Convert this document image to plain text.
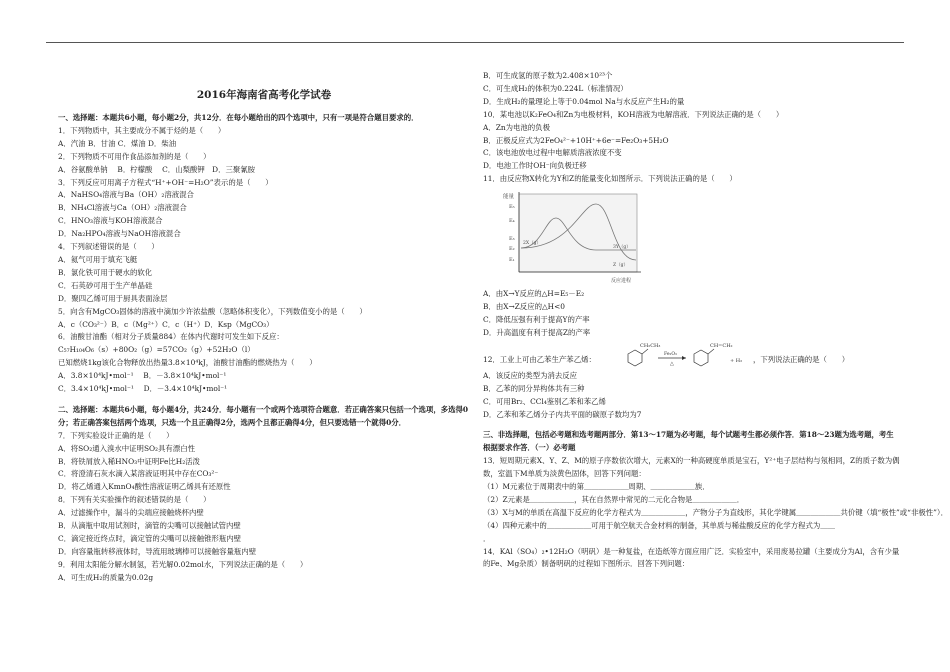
2016年海南省高考化学试卷
一、选择题：本题共6小题，每小题2分，共12分．在每小题给出的四个选项中，只有一项是符合题目要求的．
1．下列物质中，其主要成分不属于烃的是（　　）
A．汽油 B．甘油 C．煤油 D．柴油
2．下列物质不可用作食品添加剂的是（　　）
A．谷氨酸单钠　 B．柠檬酸　 C．山梨酸钾　D．三聚氰胺
3．下列反应可用离子方程式“H⁺+OH⁻=H₂O”表示的是（　　）
A．NaHSO₄溶液与Ba（OH）₂溶液混合
B．NH₄Cl溶液与Ca（OH）₂溶液混合
C．HNO₃溶液与KOH溶液混合
D．Na₂HPO₄溶液与NaOH溶液混合
4．下列叙述错误的是（　　）
A．氦气可用于填充飞艇
B．氯化铁可用于硬水的软化
C．石英砂可用于生产单晶硅
D．聚四乙烯可用于厨具表面涂层
5．向含有MgCO₃固体的溶液中滴加少许浓盐酸（忽略体积变化），下列数值变小的是（　　）
A．c（CO₃²⁻）B．c（Mg²⁺）C．c（H⁺）D．Ksp（MgCO₃）
6．油酸甘油酯（相对分子质量884）在体内代谢时可发生如下反应：
C₅₇H₁₀₄O₆（s）+80O₂（g）=57CO₂（g）+52H₂O（l）
已知燃烧1kg该化合物释放出热量3.8×10⁴kJ，油酸甘油酯的燃烧热为（　　）
A．3.8×10⁴kJ•mol⁻¹　 B．－3.8×10⁴kJ•mol⁻¹
C．3.4×10⁴kJ•mol⁻¹　 D．－3.4×10⁴kJ•mol⁻¹
二、选择题：本题共6小题，每小题4分，共24分．每小题有一个或两个选项符合题意．若正确答案只包括一个选项，多选得0分；若正确答案包括两个选项，只选一个且正确得2分，选两个且都正确得4分，但只要选错一个就得0分．
7．下列实验设计正确的是（　　）
A．将SO₂通入溴水中证明SO₂具有漂白性
B．将铁屑放入稀HNO₃中证明Fe比H₂活泼
C．将澄清石灰水滴入某溶液证明其中存在CO₃²⁻
D．将乙烯通入KmnO₄酸性溶液证明乙烯具有还原性
8．下列有关实验操作的叙述错误的是（　　）
A．过滤操作中，漏斗的尖端应接触烧杯内壁
B．从滴瓶中取用试剂时，滴管的尖嘴可以接触试管内壁
C．滴定接近终点时，滴定管的尖嘴可以接触锥形瓶内壁
D．向容量瓶转移液体时，导流用玻璃棒可以接触容量瓶内壁
9．利用太阳能分解水制氢，若光解0.02mol水，下列说法正确的是（　　）
A．可生成H₂的质量为0.02g
B．可生成氢的原子数为2.408×10²³个
C．可生成H₂的体积为0.224L（标准情况）
D．生成H₂的量理论上等于0.04mol Na与水反应产生H₂的量
10．某电池以K₂FeO₄和Zn为电极材料，KOH溶液为电解溶液．下列说法正确的是（　　）
A．Zn为电池的负极
B．正极反应式为2FeO₄²⁻+10H⁺+6e⁻=Fe₂O₃+5H₂O
C．该电池放电过程中电解质溶液浓度不变
D．电池工作时OH⁻向负极迁移
11．由反应物X转化为Y和Z的能量变化如图所示．下列说法正确的是（　　）
能量
反应进程
E₅
E₄
E₃
E₂
E₁
2X（g）
3Y（g）
Z（g）
A．由X→Y反应的△H=E₅－E₂
B．由X→Z反应的△H<0
C．降低压强有利于提高Y的产率
D．升高温度有利于提高Z的产率
12．工业上可由乙苯生产苯乙烯：
CH₂CH₃
Fe₂O₃
△
CH=CH₂
+ H₂ ，下列说法正确的是（　　）
A．该反应的类型为消去反应
B．乙苯的同分异构体共有三种
C．可用Br₂、CCl₄鉴别乙苯和苯乙烯
D．乙苯和苯乙烯分子内共平面的碳原子数均为7
三、非选择题，包括必考题和选考题两部分．第13～17题为必考题，每个试题考生都必须作答．第18～23题为选考题，考生根据要求作答．（一）必考题
13．短周期元素X、Y、Z、M的原子序数依次增大，元素X的一种高硬度单质是宝石，Y²⁺电子层结构与氖相同，Z的质子数为偶数，室温下M单质为淡黄色固体，回答下列问题：
（1）M元素位于周期表中的第＿＿＿＿＿＿周期、＿＿＿＿＿＿族．
（2）Z元素是＿＿＿＿＿＿，其在自然界中常见的二元化合物是＿＿＿＿＿＿．
（3）X与M的单质在高温下反应的化学方程式为＿＿＿＿＿＿，产物分子为直线形，其化学键属＿＿＿＿＿＿共价键（填“极性”或“非极性”）．
（4）四种元素中的＿＿＿＿＿＿可用于航空航天合金材料的制备，其单质与稀盐酸反应的化学方程式为＿＿
．
14．KAl（SO₄）₂•12H₂O（明矾）是一种复盐，在造纸等方面应用广泛．实验室中，采用废易拉罐（主要成分为Al，含有少量的Fe、Mg杂质）制备明矾的过程如下图所示．回答下列问题：
